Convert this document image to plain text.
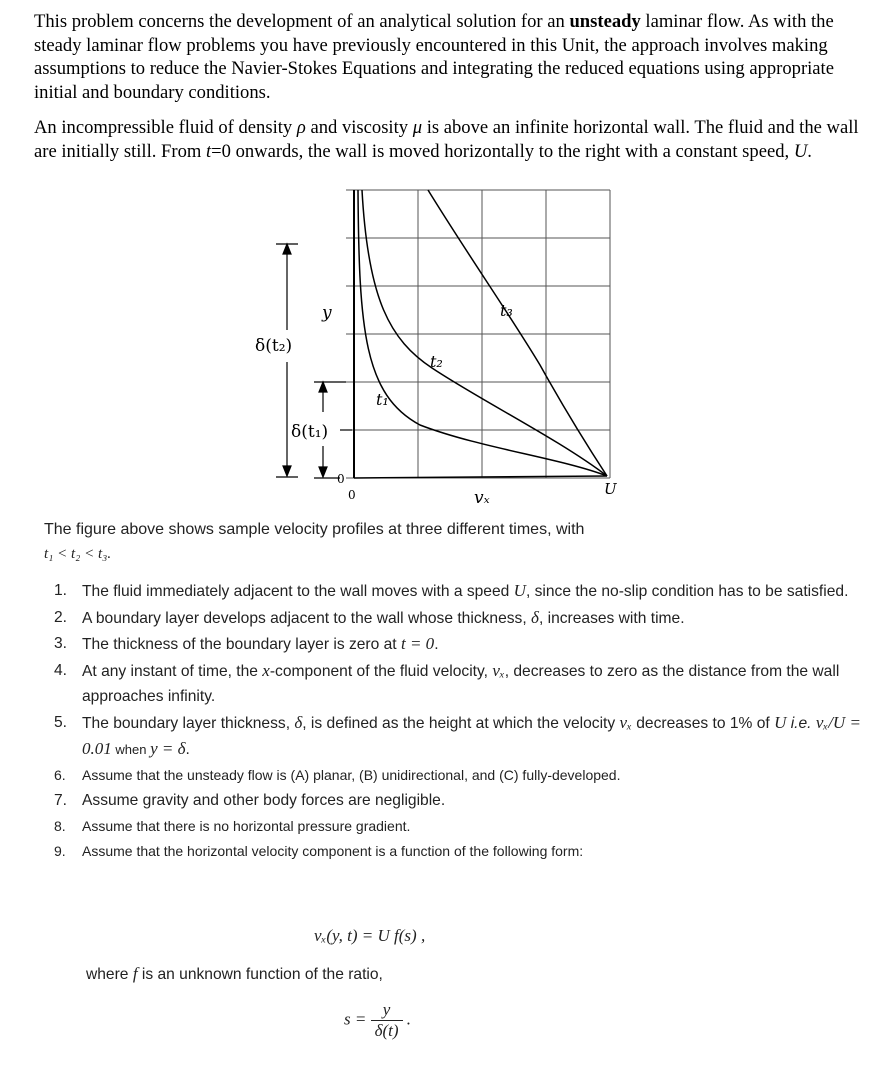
This problem concerns the development of an analytical solution for an unsteady laminar flow. As with the steady laminar flow problems you have previously encountered in this Unit, the approach involves making assumptions to reduce the Navier-Stokes Equations and integrating the reduced equations using appropriate initial and boundary conditions.

An incompressible fluid of density ρ and viscosity μ is above an infinite horizontal wall. The fluid and the wall are initially still. From t=0 onwards, the wall is moved horizontally to the right with a constant speed, U.

y
δ(t₂)
δ(t₁)
t₁
t₂
t₃
0
0	vₓ	U
The figure above shows sample velocity profiles at three different times, with
t₁ < t₂ < t₃.
1. The fluid immediately adjacent to the wall moves with a speed U, since the no-slip condition has to be satisfied.
2. A boundary layer develops adjacent to the wall whose thickness, δ, increases with time.
3. The thickness of the boundary layer is zero at t = 0.
4. At any instant of time, the x-component of the fluid velocity, vₓ, decreases to zero as the distance from the wall approaches infinity.
5. The boundary layer thickness, δ, is defined as the height at which the velocity vₓ decreases to 1% of U i.e. vₓ/U = 0.01 when y = δ.
6. Assume that the unsteady flow is (A) planar, (B) unidirectional, and (C) fully-developed.
7. Assume gravity and other body forces are negligible.
8. Assume that there is no horizontal pressure gradient.
9. Assume that the horizontal velocity component is a function of the following form:
vₓ(y, t) = U f(s) ,
where f is an unknown function of the ratio,
$s = \frac{y}{\delta(t)}$ .
